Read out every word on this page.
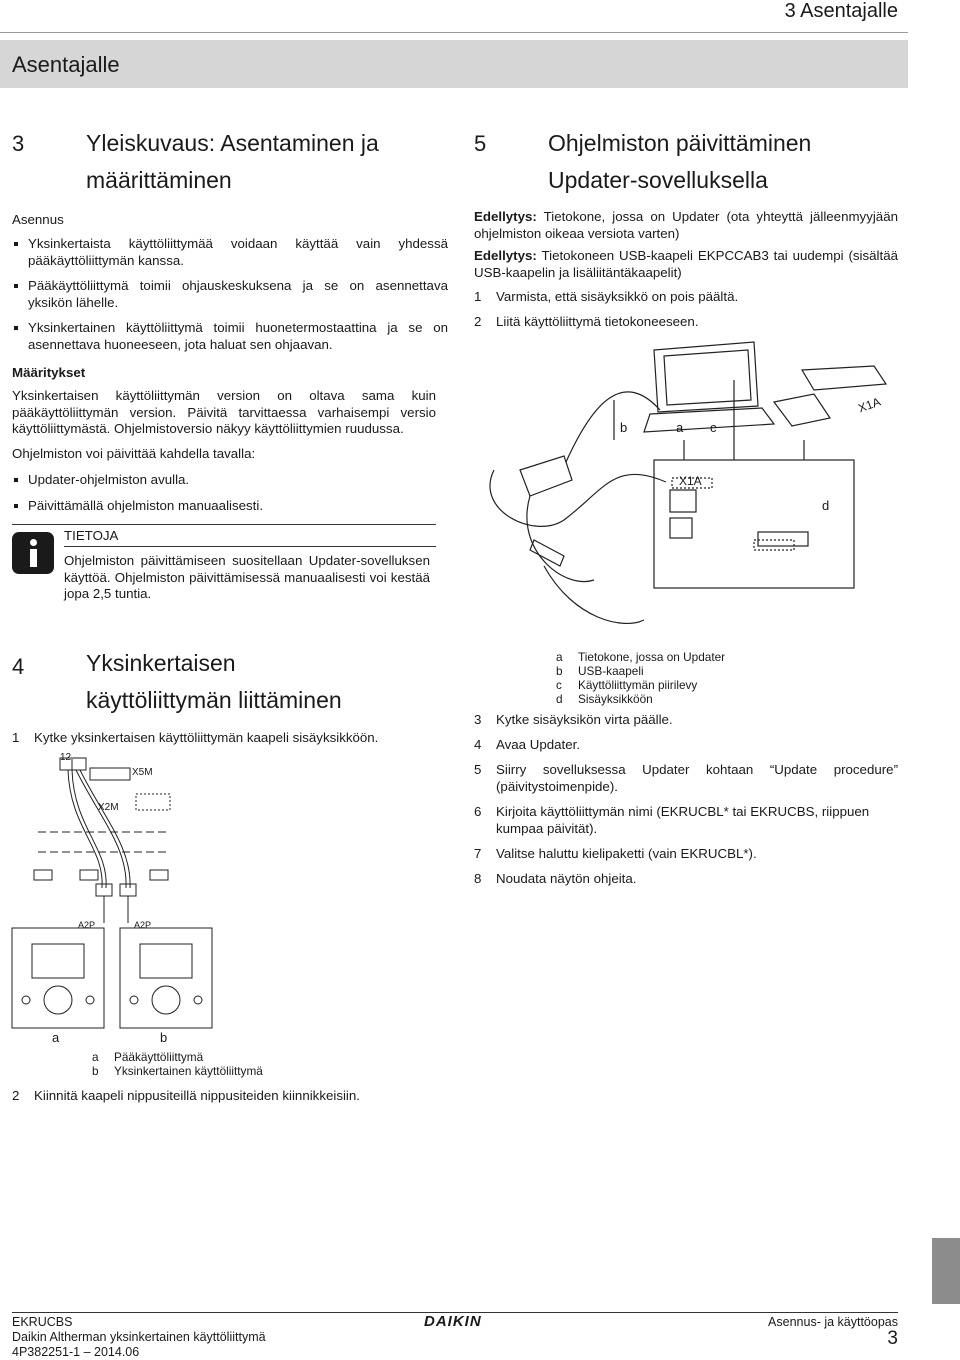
3 Asentajalle
Asentajalle
3	Yleiskuvaus: Asentaminen ja
määrittäminen
Asennus
Yksinkertaista käyttöliittymää voidaan käyttää vain yhdessä pääkäyttöliittymän kanssa.
Pääkäyttöliittymä toimii ohjauskeskuksena ja se on asennettava yksikön lähelle.
Yksinkertainen käyttöliittymä toimii huonetermostaattina ja se on asennettava huoneeseen, jota haluat sen ohjaavan.
Määritykset
Yksinkertaisen käyttöliittymän version on oltava sama kuin pääkäyttöliittymän version. Päivitä tarvittaessa varhaisempi versio käyttöliittymästä. Ohjelmistoversio näkyy käyttöliittymien ruudussa.
Ohjelmiston voi päivittää kahdella tavalla:
Updater-ohjelmiston avulla.
Päivittämällä ohjelmiston manuaalisesti.
TIETOJA
Ohjelmiston päivittämiseen suositellaan Updater-sovelluksen käyttöä. Ohjelmiston päivittämisessä manuaalisesti voi kestää jopa 2,5 tuntia.
4	Yksinkertaisen
käyttöliittymän liittäminen
1 Kytke yksinkertaisen käyttöliittymän kaapeli sisäyksikköön.
12
X5M
X2M
A2P	A2P
a	b
a Pääkäyttöliittymä
b Yksinkertainen käyttöliittymä
2 Kiinnitä kaapeli nippusiteillä nippusiteiden kiinnikkeisiin.
5	Ohjelmiston päivittäminen
Updater-sovelluksella
Edellytys: Tietokone, jossa on Updater (ota yhteyttä jälleenmyyjään ohjelmiston oikeaa versiota varten)
Edellytys: Tietokoneen USB-kaapeli EKPCCAB3 tai uudempi (sisältää USB-kaapelin ja lisäliitäntäkaapelit)
1 Varmista, että sisäyksikkö on pois päältä.
2 Liitä käyttöliittymä tietokoneeseen.
b	a c
d
X1A
X1A
a Tietokone, jossa on Updater
b USB-kaapeli
c Käyttöliittymän piirilevy
d Sisäyksikköön
3 Kytke sisäyksikön virta päälle.
4 Avaa Updater.
5 Siirry sovelluksessa Updater kohtaan “Update procedure” (päivitystoimenpide).
6 Kirjoita käyttöliittymän nimi (EKRUCBL* tai EKRUCBS, riippuen kumpaa päivität).
7 Valitse haluttu kielipaketti (vain EKRUCBL*).
8 Noudata näytön ohjeita.
EKRUCBS
Daikin Altherman yksinkertainen käyttöliittymä
4P382251-1 – 2014.06
DAIKIN	Asennus- ja käyttöopas
3
